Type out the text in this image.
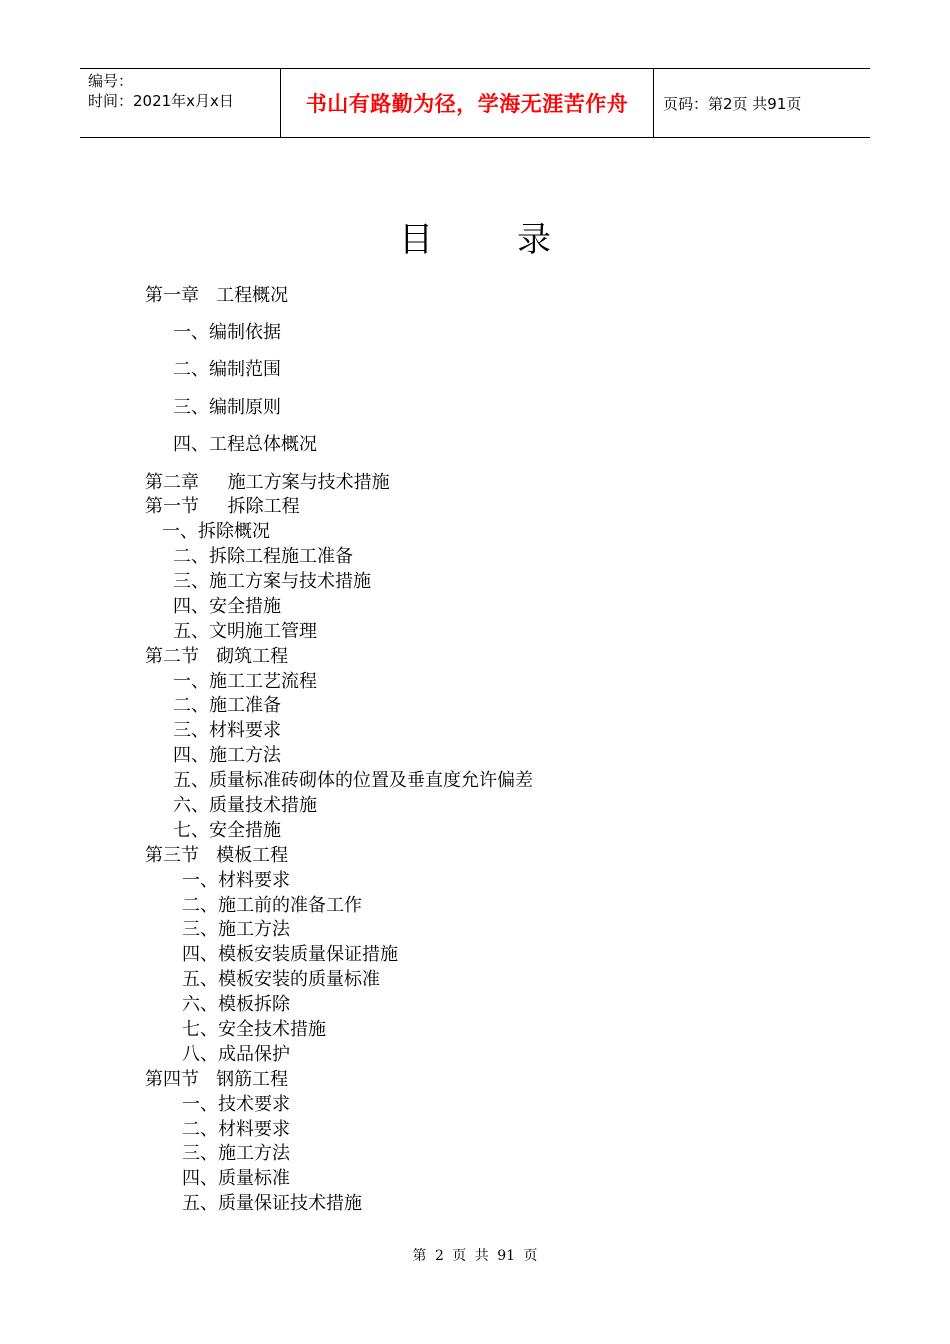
编号：
时间：2021年x月x日	书山有路勤为径，学海无涯苦作舟 页码：第2页 共91页
目录
第一章   工程概况
一、编制依据
二、编制范围
三、编制原则
四、工程总体概况
第二章     施工方案与技术措施
第一节     拆除工程
一、拆除概况
二、拆除工程施工准备
三、施工方案与技术措施
四、安全措施
五、文明施工管理
第二节   砌筑工程
一、施工工艺流程
二、施工准备
三、材料要求
四、施工方法
五、质量标准砖砌体的位置及垂直度允许偏差
六、质量技术措施
七、安全措施
第三节   模板工程
一、材料要求
二、施工前的准备工作
三、施工方法
四、模板安装质量保证措施
五、模板安装的质量标准
六、模板拆除
七、安全技术措施
八、成品保护
第四节   钢筋工程
一、技术要求
二、材料要求
三、施工方法
四、质量标准
五、质量保证技术措施
第 2 页 共 91 页
